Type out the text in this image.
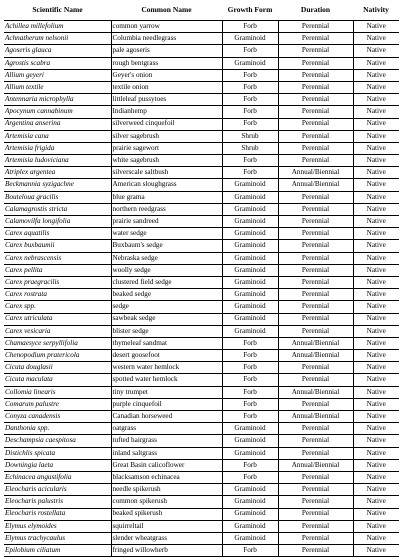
Scientific Name	Common Name	Growth Form	Duration	Nativity
Achillea millefolium	common yarrow	Forb	Perennial	Native
Achnatherum nelsonii	Columbia needlegrass	Graminoid	Perennial	Native
Agoseris glauca	pale agoseris	Forb	Perennial	Native
Agrostis scabra	rough bentgrass	Graminoid	Perennial	Native
Allium geyeri	Geyer's onion	Forb	Perennial	Native
Allium textile	textile onion	Forb	Perennial	Native
Antennaria microphylla	littleleaf pussytoes	Forb	Perennial	Native
Apocynum cannabinum	Indianhemp	Forb	Perennial	Native
Argentina anserina	silverweed cinquefoil	Forb	Perennial	Native
Artemisia cana	silver sagebrush	Shrub	Perennial	Native
Artemisia frigida	prairie sagewort	Shrub	Perennial	Native
Artemisia ludoviciana	white sagebrush	Forb	Perennial	Native
Atriplex argentea	silverscale saltbush	Forb	Annual/Biennial	Native
Beckmannia syzigachne	American sloughgrass	Graminoid	Annual/Biennial	Native
Bouteloua gracilis	blue grama	Graminoid	Perennial	Native
Calamagrostis stricta	northern reedgrass	Graminoid	Perennial	Native
Calamovilfa longifolia	prairie sandreed	Graminoid	Perennial	Native
Carex aquatilis	water sedge	Graminoid	Perennial	Native
Carex buxbaumii	Buxbaum's sedge	Graminoid	Perennial	Native
Carex nebrascensis	Nebraska sedge	Graminoid	Perennial	Native
Carex pellita	woolly sedge	Graminoid	Perennial	Native
Carex praegracilis	clustered field sedge	Graminoid	Perennial	Native
Carex rostrata	beaked sedge	Graminoid	Perennial	Native
Carex spp.	sedge	Graminoid	Perennial	Native
Carex utriculata	sawbeak sedge	Graminoid	Perennial	Native
Carex vesicaria	blister sedge	Graminoid	Perennial	Native
Chamaesyce serpyllifolia	thymeleaf sandmat	Forb	Annual/Biennial	Native
Chenopodium pratericola	desert goosefoot	Forb	Annual/Biennial	Native
Cicuta douglasii	western water hemlock	Forb	Perennial	Native
Cicuta maculata	spotted water hemlock	Forb	Perennial	Native
Collomia linearis	tiny trumpet	Forb	Annual/Biennial	Native
Comarum palustre	purple cinquefoil	Forb	Perennial	Native
Conyza canadensis	Canadian horseweed	Forb	Annual/Biennial	Native
Danthonia spp.	oatgrass	Graminoid	Perennial	Native
Deschampsia caespitosa	tufted hairgrass	Graminoid	Perennial	Native
Distichlis spicata	inland saltgrass	Graminoid	Perennial	Native
Downingia laeta	Great Basin calicoflower	Forb	Annual/Biennial	Native
Echinacea angustifolia	blacksamson echinacea	Forb	Perennial	Native
Eleocharis acicularis	needle spikerush	Graminoid	Perennial	Native
Eleocharis palustris	common spikerush	Graminoid	Perennial	Native
Eleocharis rostellata	beaked spikerush	Graminoid	Perennial	Native
Elymus elymoides	squirreltail	Graminoid	Perennial	Native
Elymus trachycaulus	slender wheatgrass	Graminoid	Perennial	Native
Epilobium ciliatum	fringed willowherb	Forb	Perennial	Native
